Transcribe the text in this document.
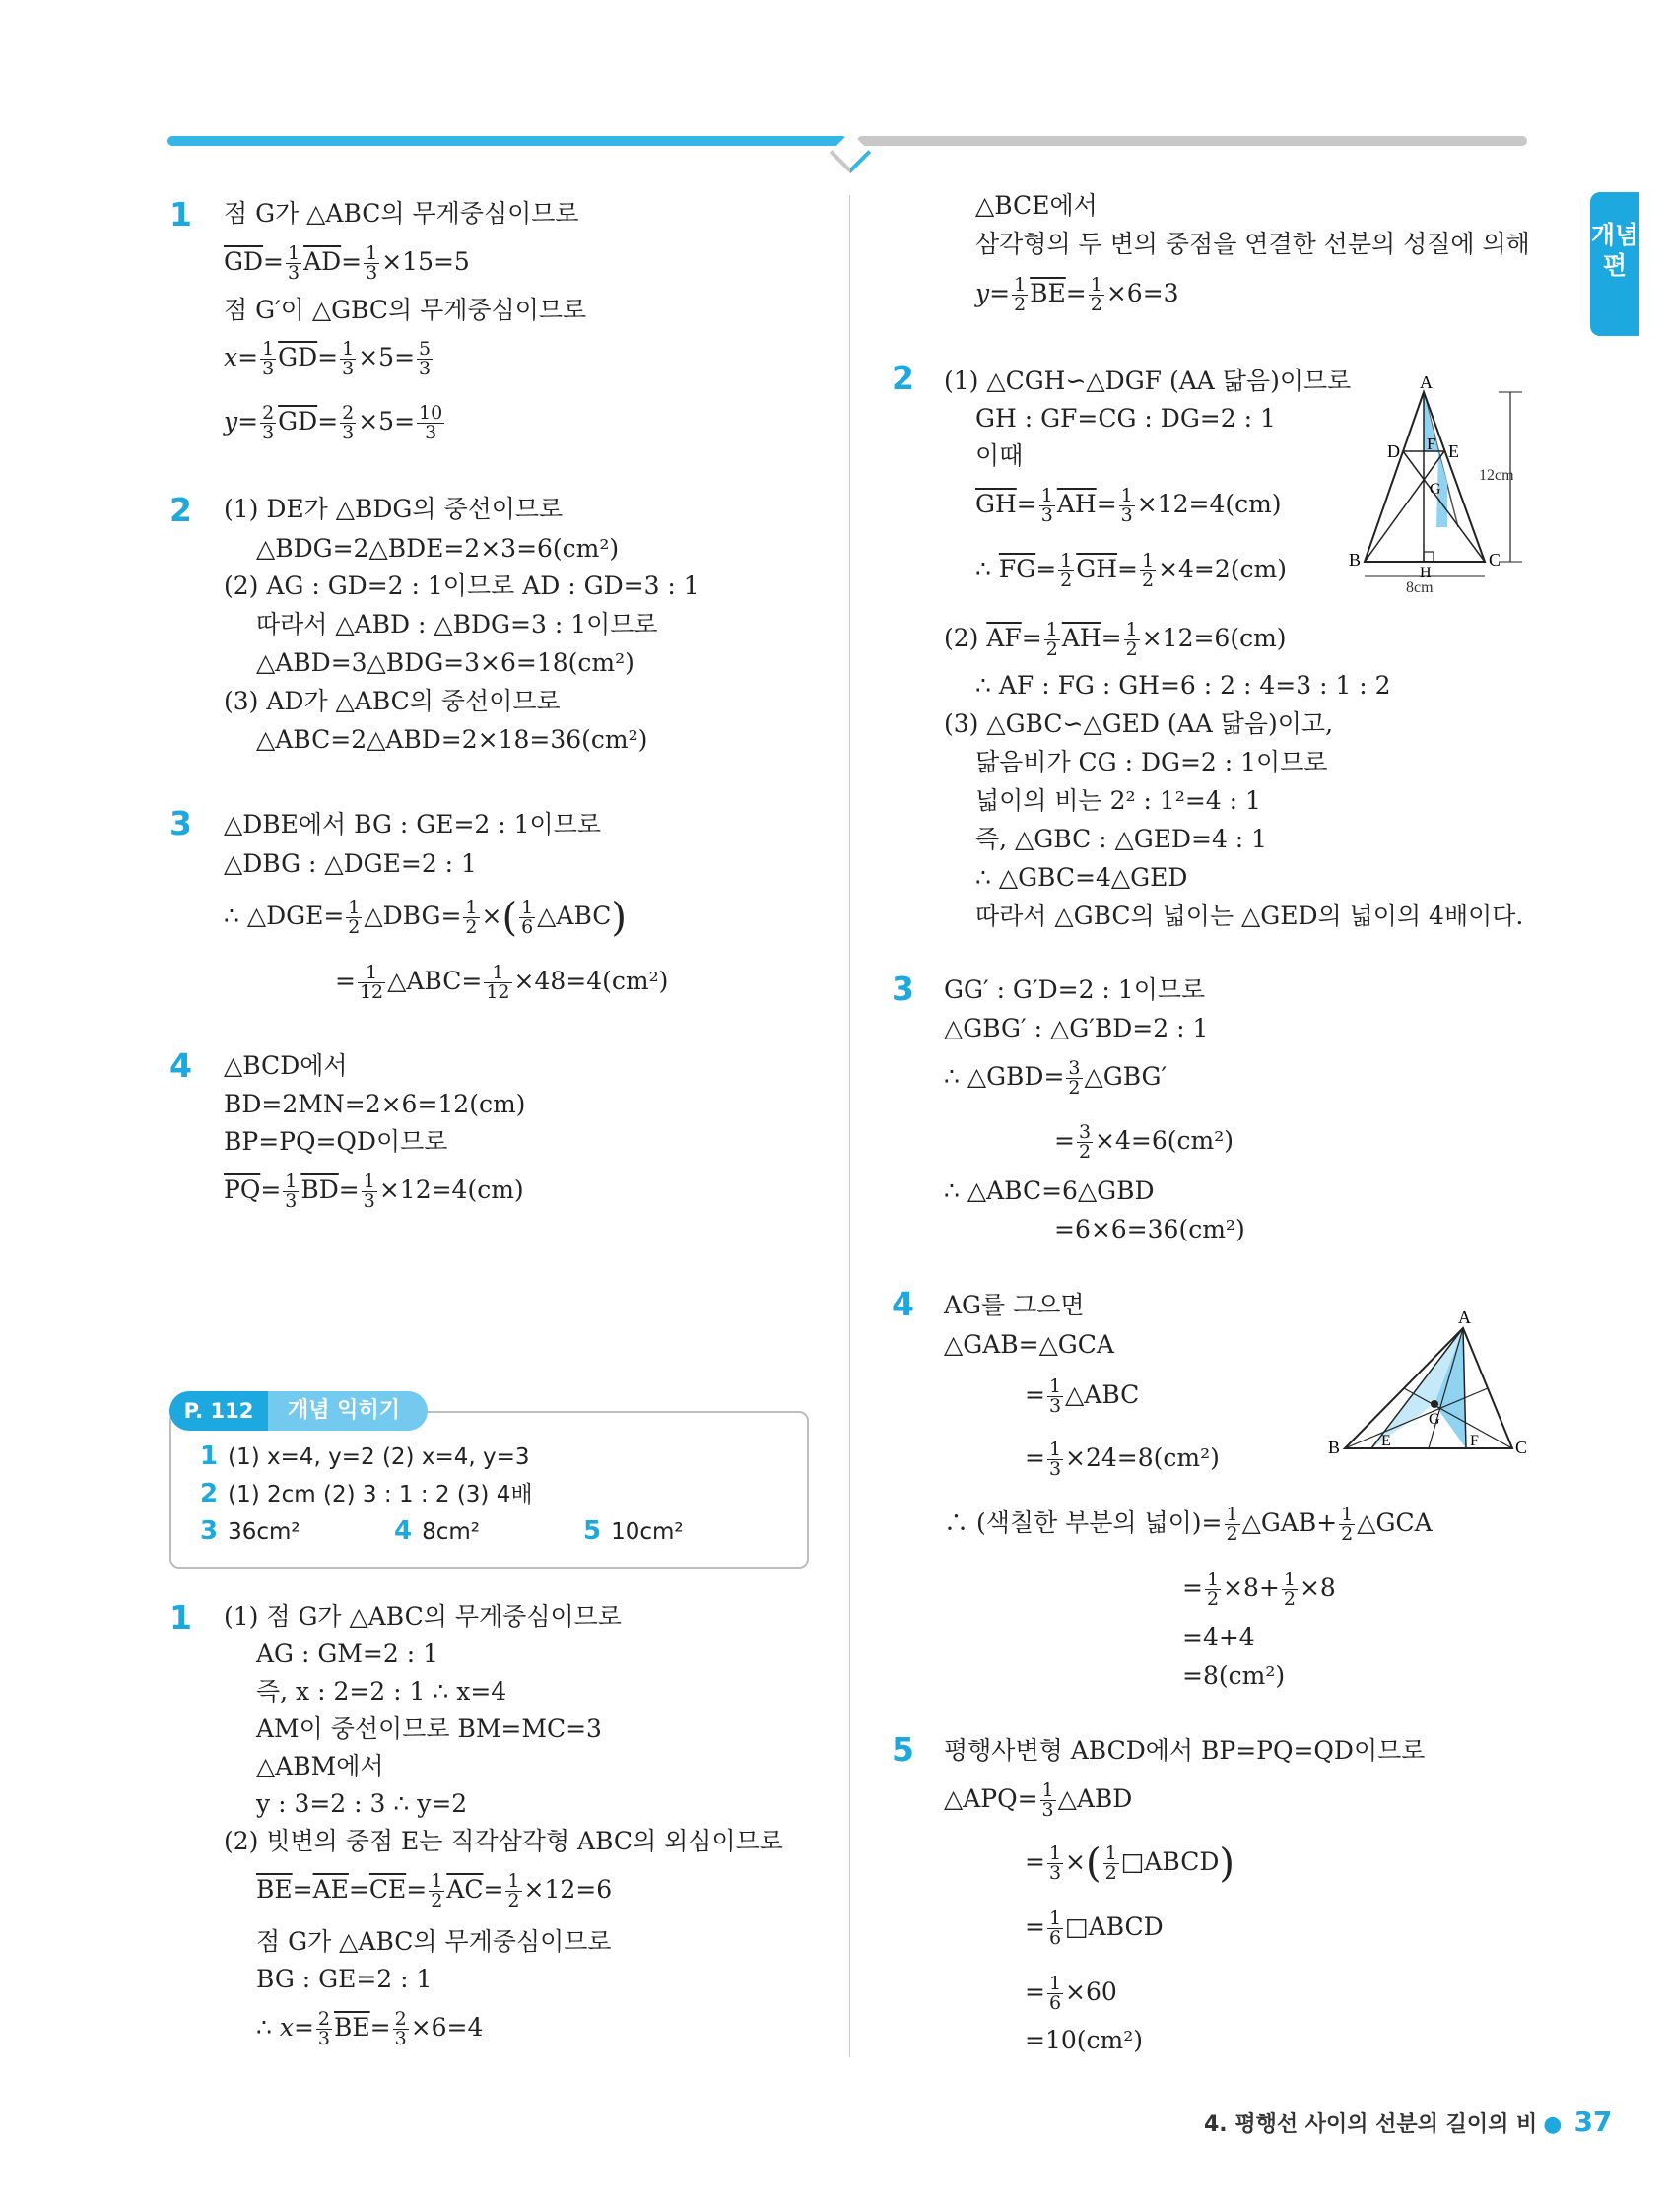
개념편
1 점 G가 △ABC의 무게중심이므로
$\overline{GD}= \frac{1}{3} \overline{AD}= \frac{1}{3} \times 15=5$
점 G′이 △GBC의 무게중심이므로
$x= \frac{1}{3} \overline{GD}= \frac{1}{3} \times 5= \frac{5}{3}$
$y= \frac{2}{3} \overline{GD}= \frac{2}{3} \times 5= \frac{10}{3}$
2 (1) DE가 △BDG의 중선이므로
△BDG=2△BDE=2×3=6(cm²)
(2) AG : GD=2 : 1이므로 AD : GD=3 : 1
따라서 △ABD : △BDG=3 : 1이므로
△ABD=3△BDG=3×6=18(cm²)
(3) AD가 △ABC의 중선이므로
△ABC=2△ABD=2×18=36(cm²)
3 △DBE에서 BG : GE=2 : 1이므로
△DBG : △DGE=2 : 1
∴ △DGE= $\frac{1}{2}$ △DBG= $\frac{1}{2}$ ×( $\frac{1}{6}$ △ABC)
= $\frac{1}{12}$ △ABC= $\frac{1}{12} \times 48=4(cm^2)$
4 △BCD에서
BD=2MN=2×6=12(cm)
BP=PQ=QD이므로
$\overline{PQ}= \frac{1}{3} \overline{BD}= \frac{1}{3} \times 12=4(cm)$
개념 익히기
P. 112
1 (1) x=4, y=2 (2) x=4, y=3
2 (1) 2cm (2) 3 : 1 : 2 (3) 4배
3 36cm²	4 8cm²	5 10cm²
1 (1) 점 G가 △ABC의 무게중심이므로
AG : GM=2 : 1
즉, x : 2=2 : 1 ∴ x=4
AM이 중선이므로 BM=MC=3
△ABM에서
y : 3=2 : 3 ∴ y=2
(2) 빗변의 중점 E는 직각삼각형 ABC의 외심이므로
$\overline{BE}=\overline{AE}=\overline{CE}= \frac{1}{2} \overline{AC}= \frac{1}{2} \times 12=6$
점 G가 △ABC의 무게중심이므로
BG : GE=2 : 1
∴ $x= \frac{2}{3} \overline{BE}= \frac{2}{3} \times 6=4$
△BCE에서
삼각형의 두 변의 중점을 연결한 선분의 성질에 의해
$y= \frac{1}{2} \overline{BE}= \frac{1}{2} \times 6=3$
2 (1) △CGH∽△DGF (AA 닮음)이므로
GH : GF=CG : DG=2 : 1
이때
$\overline{GH}= \frac{1}{3} \overline{AH}= \frac{1}{3} \times 12=4(cm)$
∴ $\overline{FG}= \frac{1}{2} \overline{GH}= \frac{1}{2} \times 4=2(cm)$
(2) $\overline{AF}= \frac{1}{2} \overline{AH}= \frac{1}{2} \times 12=6(cm)$
∴ AF : FG : GH=6 : 2 : 4=3 : 1 : 2
(3) △GBC∽△GED (AA 닮음)이고,
닮음비가 CG : DG=2 : 1이므로
넓이의 비는 2² : 1²=4 : 1
즉, △GBC : △GED=4 : 1
∴ △GBC=4△GED
따라서 △GBC의 넓이는 △GED의 넓이의 4배이다.
A
B	C
D	E
F
G
H
12cm
8cm
3 GG′ : G′D=2 : 1이므로
△GBG′ : △G′BD=2 : 1
∴ △GBD= $\frac{3}{2}$ △GBG′
= $\frac{3}{2} \times 4=6(cm^2)$
∴ △ABC=6△GBD
=6×6=36(cm²)
4 AG를 그으면
△GAB=△GCA
= $\frac{1}{3}$ △ABC
= $\frac{1}{3} \times 24=8(cm^2)$
∴ (색칠한 부분의 넓이)= $\frac{1}{2}$ △GAB+ $\frac{1}{2}$ △GCA
= $\frac{1}{2} \times 8+ \frac{1}{2} \times 8$
=4+4
=8(cm²)
A
B	C
E	F
G
5 평행사변형 ABCD에서 BP=PQ=QD이므로
△APQ= $\frac{1}{3}$ △ABD
= $\frac{1}{3}$ ×( $\frac{1}{2}$ □ABCD)
= $\frac{1}{6}$ □ABCD
= $\frac{1}{6} \times 60$
=10(cm²)
4. 평행선 사이의 선분의 길이의 비 ● 37
